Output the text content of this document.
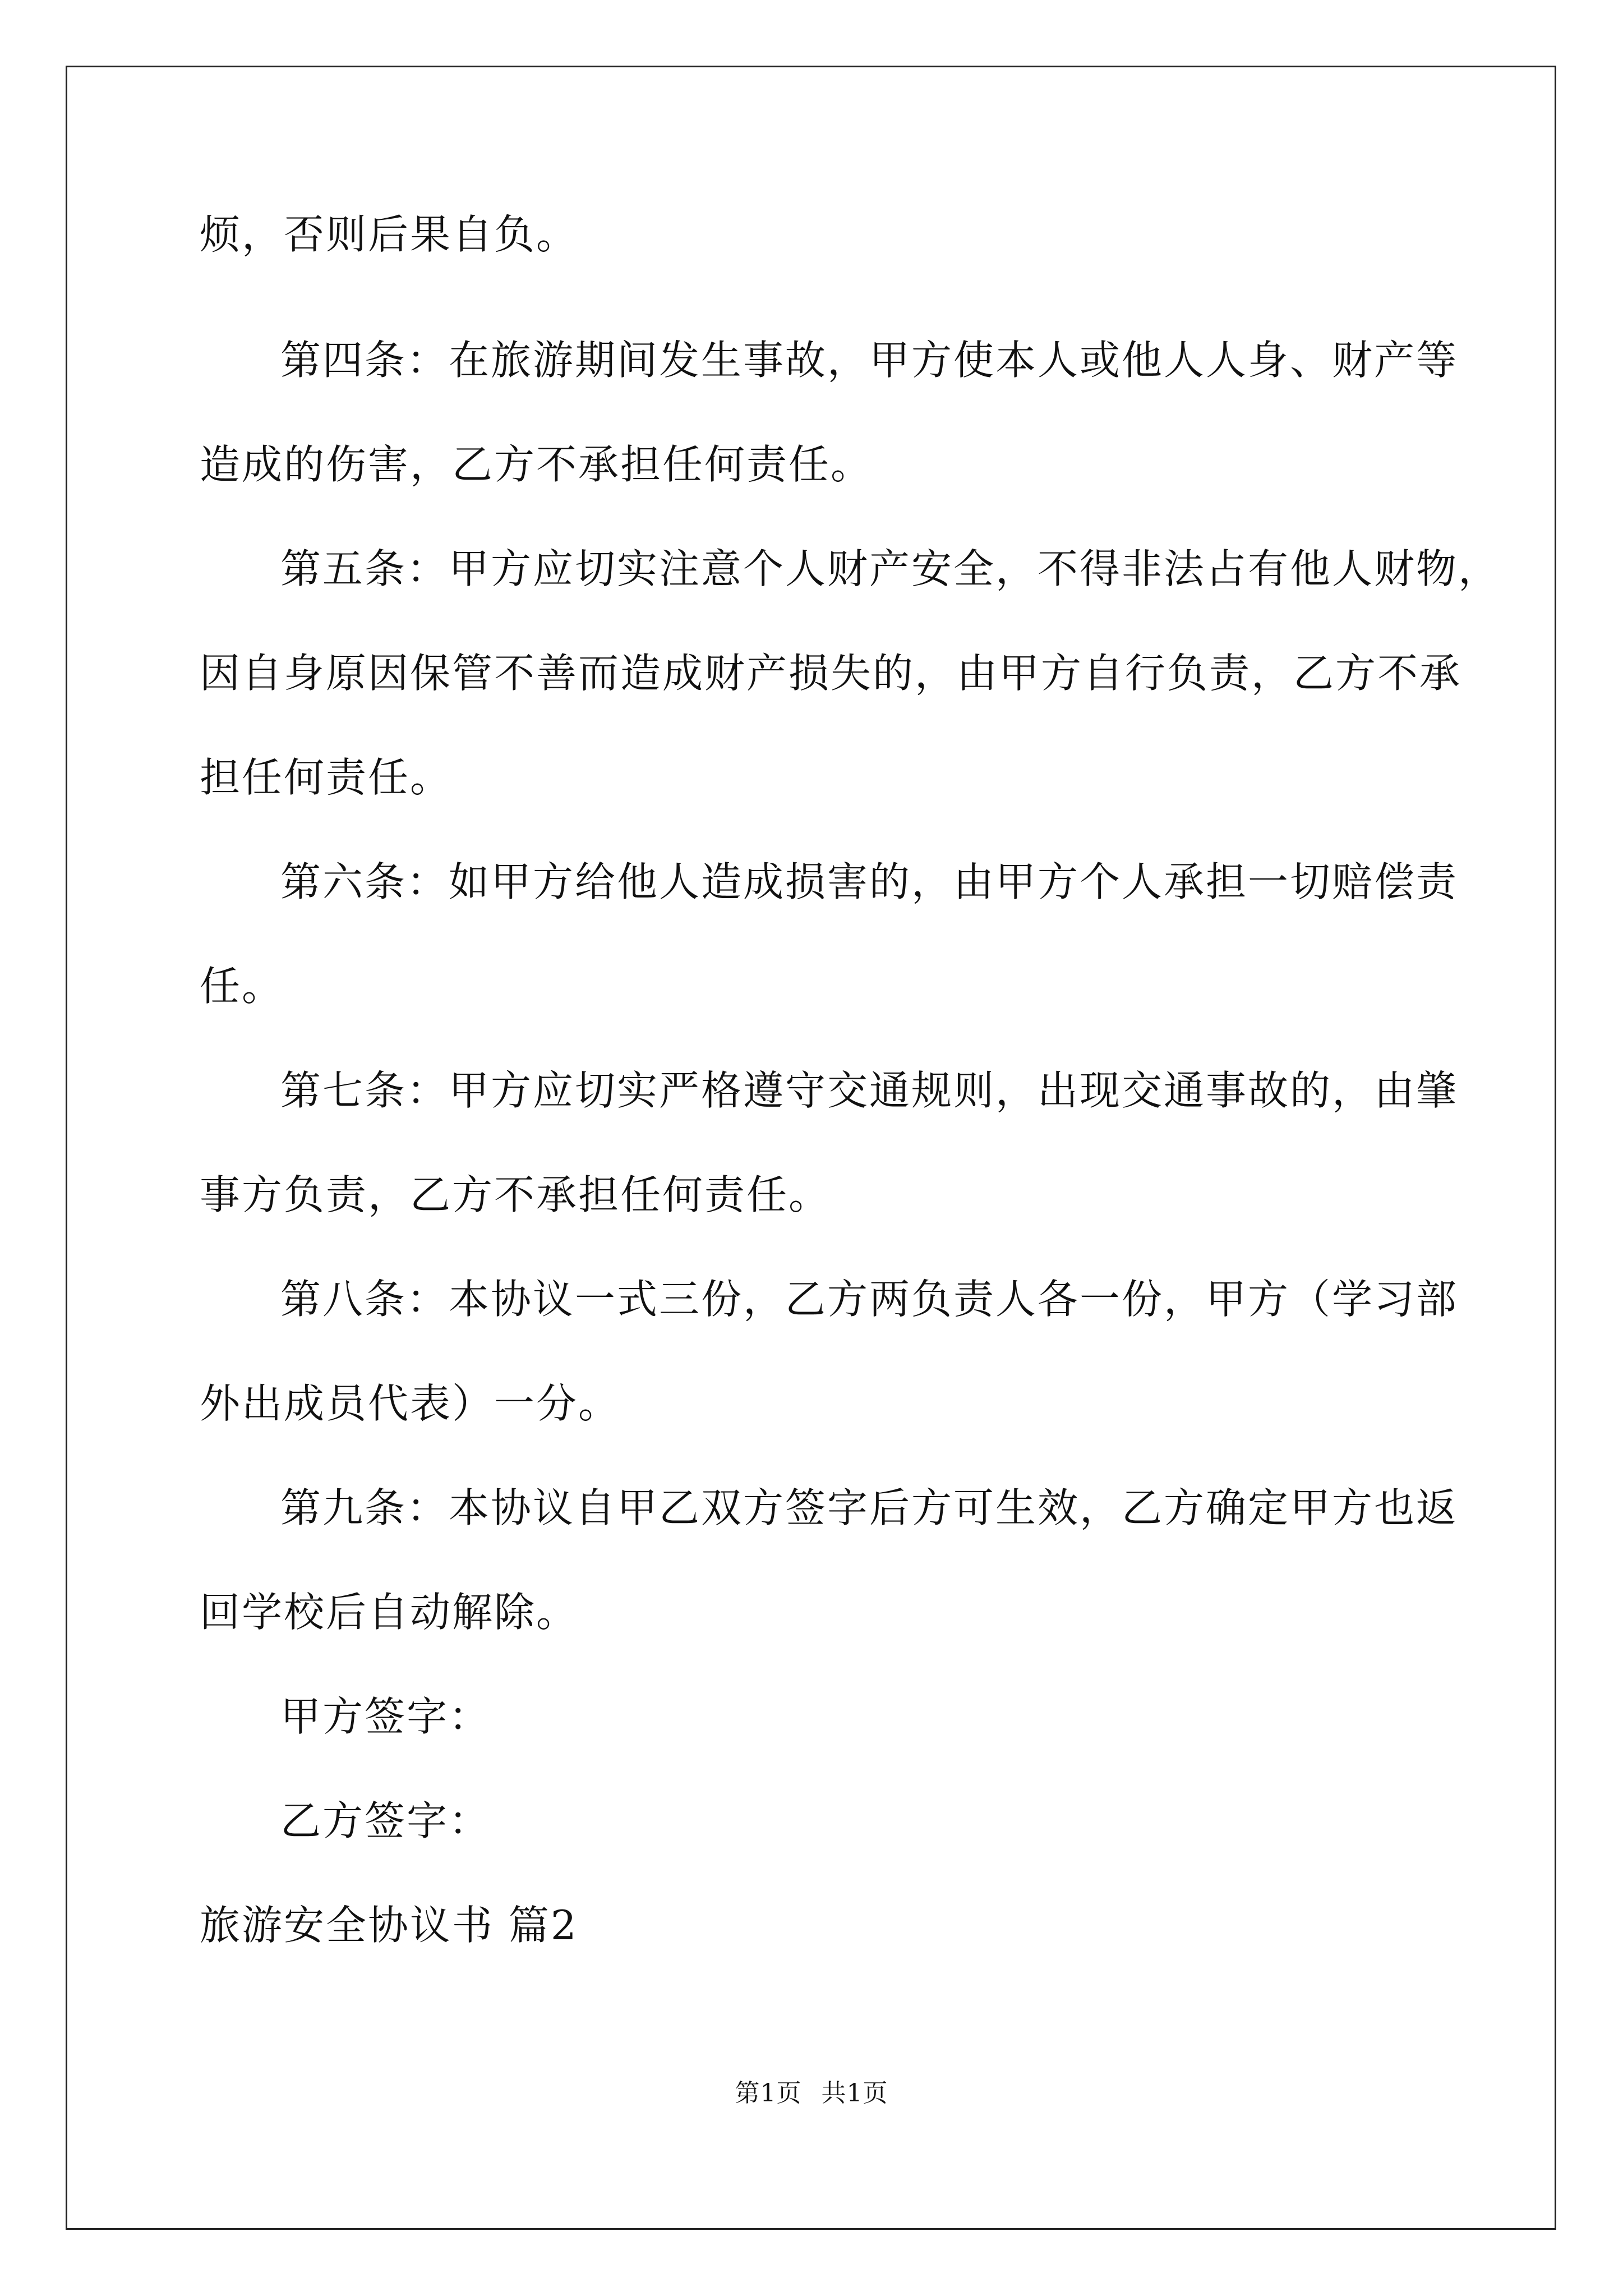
烦，否则后果自负。
第四条：在旅游期间发生事故，甲方使本人或他人人身、财产等
造成的伤害，乙方不承担任何责任。
第五条：甲方应切实注意个人财产安全，不得非法占有他人财物，
因自身原因保管不善而造成财产损失的，由甲方自行负责，乙方不承
担任何责任。
第六条：如甲方给他人造成损害的，由甲方个人承担一切赔偿责
任。
第七条：甲方应切实严格遵守交通规则，出现交通事故的，由肇
事方负责，乙方不承担任何责任。
第八条：本协议一式三份，乙方两负责人各一份，甲方（学习部
外出成员代表）一分。
第九条：本协议自甲乙双方签字后方可生效，乙方确定甲方也返
回学校后自动解除。
甲方签字：
乙方签字：
旅游安全协议书 篇2
第1页 共1页
